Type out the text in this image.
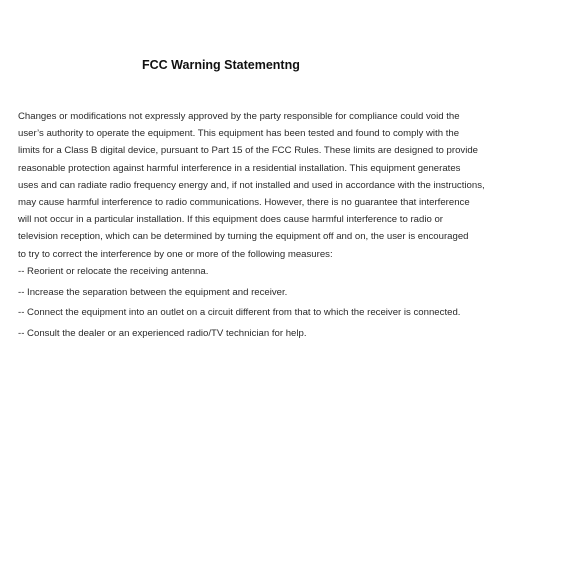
FCC Warning Statementng
Changes or modifications not expressly approved by the party responsible for compliance could void the
user’s authority to operate the equipment. This equipment has been tested and found to comply with the
limits for a Class B digital device, pursuant to Part 15 of the FCC Rules. These limits are designed to provide
reasonable protection against harmful interference in a residential installation. This equipment generates
uses and can radiate radio frequency energy and, if not installed and used in accordance with the instructions,
may cause harmful interference to radio communications. However, there is no guarantee that interference
will not occur in a particular installation. If this equipment does cause harmful interference to radio or
television reception, which can be determined by turning the equipment off and on, the user is encouraged
to try to correct the interference by one or more of the following measures:
-- Reorient or relocate the receiving antenna.
-- Increase the separation between the equipment and receiver.
-- Connect the equipment into an outlet on a circuit different from that to which the receiver is connected.
-- Consult the dealer or an experienced radio/TV technician for help.
